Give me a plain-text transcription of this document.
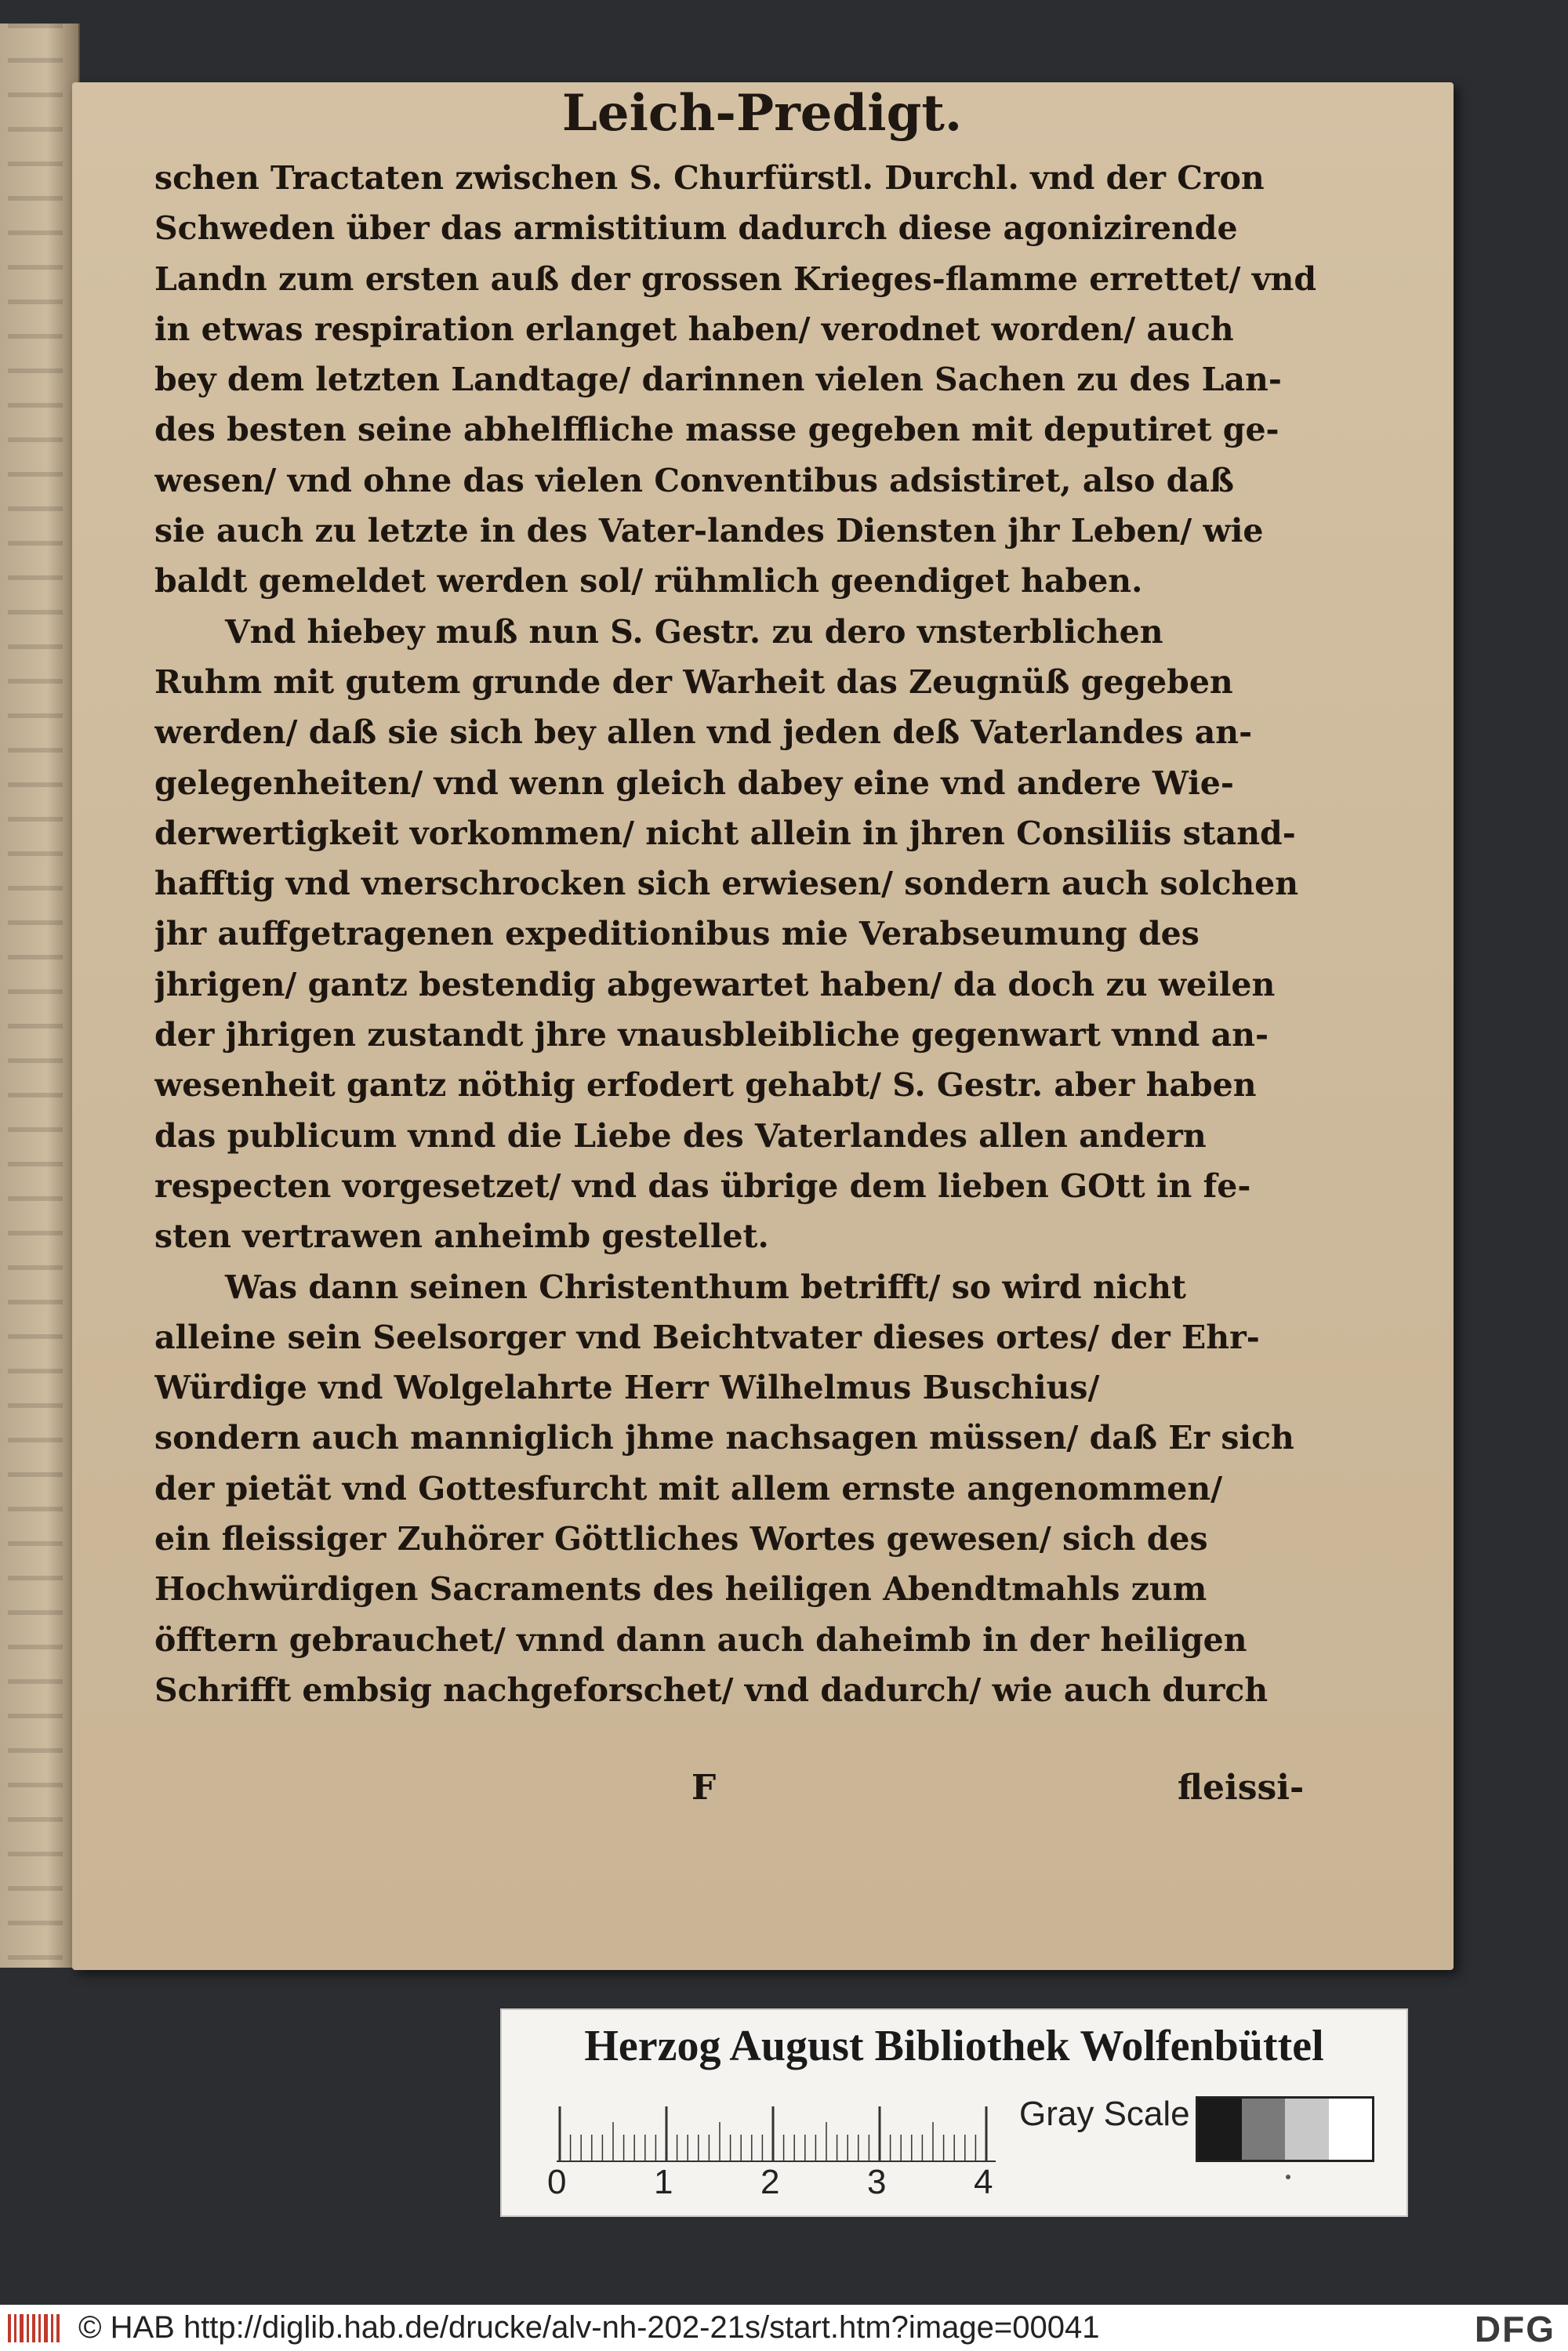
Leich-Predigt.
schen Tractaten zwischen S. Churfürstl. Durchl. vnd der Cron
Schweden über das armistitium dadurch diese agonizirende
Landn zum ersten auß der grossen Krieges-flamme errettet/ vnd
in etwas respiration erlanget haben/ verodnet worden/ auch
bey dem letzten Landtage/ darinnen vielen Sachen zu des Lan-
des besten seine abhelffliche masse gegeben mit deputiret ge-
wesen/ vnd ohne das vielen Conventibus adsistiret, also daß
sie auch zu letzte in des Vater-landes Diensten jhr Leben/ wie
baldt gemeldet werden sol/ rühmlich geendiget haben.
Vnd hiebey muß nun S. Gestr. zu dero vnsterblichen
Ruhm mit gutem grunde der Warheit das Zeugnüß gegeben
werden/ daß sie sich bey allen vnd jeden deß Vaterlandes an-
gelegenheiten/ vnd wenn gleich dabey eine vnd andere Wie-
derwertigkeit vorkommen/ nicht allein in jhren Consiliis stand-
hafftig vnd vnerschrocken sich erwiesen/ sondern auch solchen
jhr auffgetragenen expeditionibus mie Verabseumung des
jhrigen/ gantz bestendig abgewartet haben/ da doch zu weilen
der jhrigen zustandt jhre vnausbleibliche gegenwart vnnd an-
wesenheit gantz nöthig erfodert gehabt/ S. Gestr. aber haben
das publicum vnnd die Liebe des Vaterlandes allen andern
respecten vorgesetzet/ vnd das übrige dem lieben GOtt in fe-
sten vertrawen anheimb gestellet.
Was dann seinen Christenthum betrifft/ so wird nicht
alleine sein Seelsorger vnd Beichtvater dieses ortes/ der Ehr-
Würdige vnd Wolgelahrte Herr Wilhelmus Buschius/
sondern auch manniglich jhme nachsagen müssen/ daß Er sich
der pietät vnd Gottesfurcht mit allem ernste angenommen/
ein fleissiger Zuhörer Göttliches Wortes gewesen/ sich des
Hochwürdigen Sacraments des heiligen Abendtmahls zum
öfftern gebrauchet/ vnnd dann auch daheimb in der heiligen
Schrifft embsig nachgeforschet/ vnd dadurch/ wie auch durch
F	fleissi-
Herzog August Bibliothek Wolfenbüttel
0	1	2	3	4
Gray Scale
© HAB http://diglib.hab.de/drucke/alv-nh-202-21s/start.htm?image=00041	DFG
